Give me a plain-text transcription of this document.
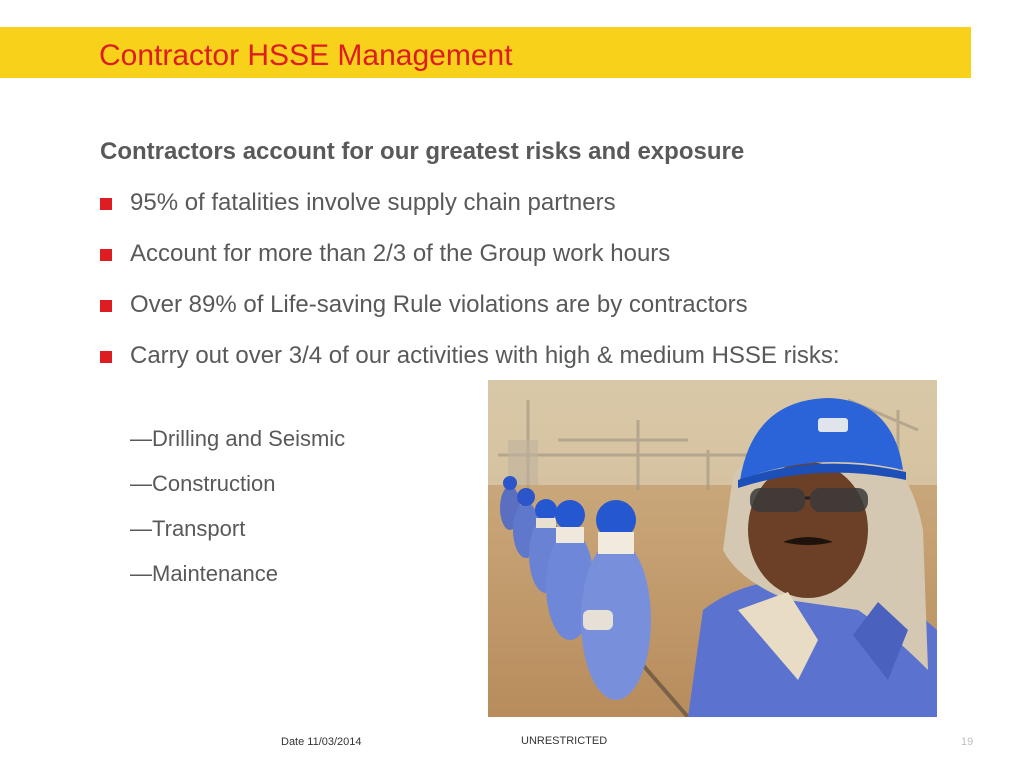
Contractor HSSE Management
Contractors account for our greatest risks and exposure
95% of fatalities involve supply chain partners
Account for more than 2/3 of the Group work hours
Over 89% of Life-saving Rule violations are by contractors
Carry out over 3/4 of our activities with high & medium HSSE risks:
—Drilling and Seismic
—Construction
—Transport
—Maintenance
Date 11/03/2014	UNRESTRICTED	19
